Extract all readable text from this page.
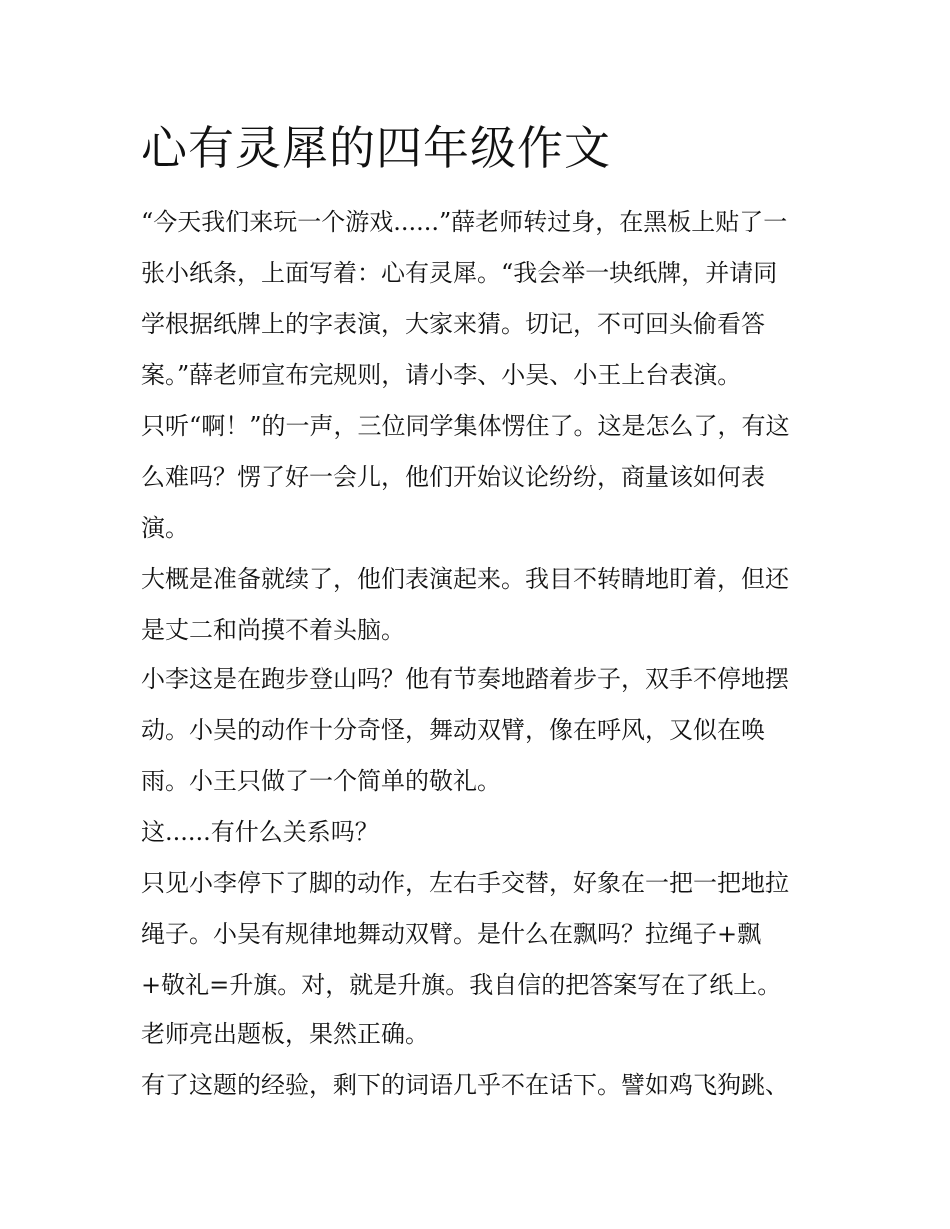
心有灵犀的四年级作文

“今天我们来玩一个游戏......”薛老师转过身，在黑板上贴了一

张小纸条，上面写着：心有灵犀。“我会举一块纸牌，并请同

学根据纸牌上的字表演，大家来猜。切记，不可回头偷看答

案。”薛老师宣布完规则，请小李、小吴、小王上台表演。

只听“啊！”的一声，三位同学集体愣住了。这是怎么了，有这

么难吗？愣了好一会儿，他们开始议论纷纷，商量该如何表

演。

大概是准备就续了，他们表演起来。我目不转睛地盯着，但还

是丈二和尚摸不着头脑。

小李这是在跑步登山吗？他有节奏地踏着步子，双手不停地摆

动。小吴的动作十分奇怪，舞动双臂，像在呼风，又似在唤

雨。小王只做了一个简单的敬礼。

这......有什么关系吗？

只见小李停下了脚的动作，左右手交替，好象在一把一把地拉

绳子。小吴有规律地舞动双臂。是什么在飘吗？拉绳子+飘

+敬礼=升旗。对，就是升旗。我自信的把答案写在了纸上。

老师亮出题板，果然正确。

有了这题的经验，剩下的词语几乎不在话下。譬如鸡飞狗跳、
